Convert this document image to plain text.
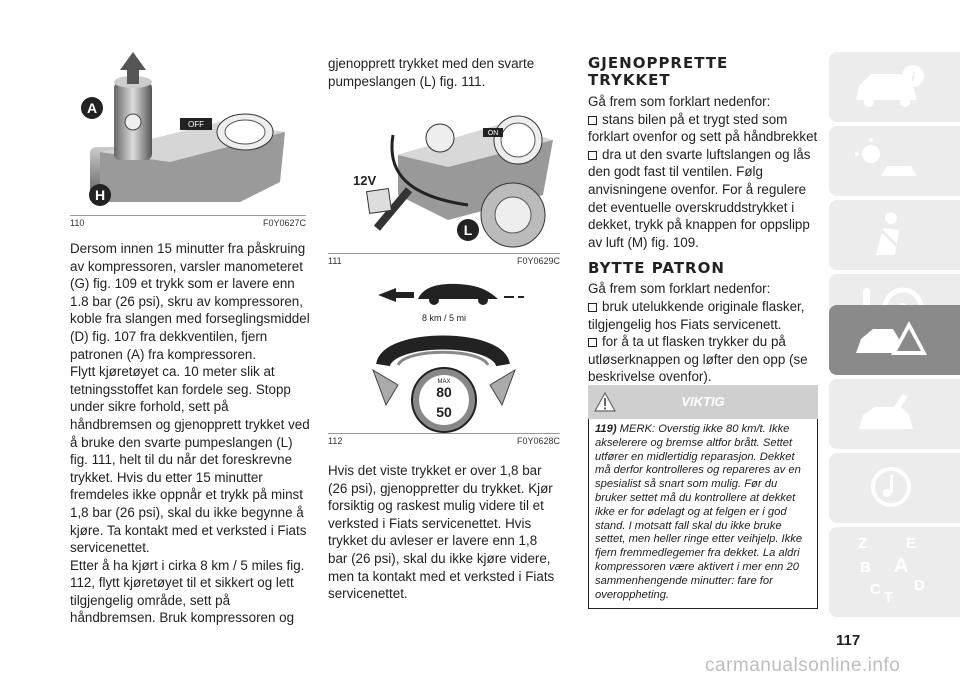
OFF
A
H
110	F0Y0627C

Dersom innen 15 minutter fra påskruing av kompressoren, varsler manometeret (G) fig. 109 et trykk som er lavere enn 1.8 bar (26 psi), skru av kompressoren, koble fra slangen med forseglingsmiddel (D) fig. 107 fra dekkventilen, fjern patronen (A) fra kompressoren.

Flytt kjøretøyet ca. 10 meter slik at tetningsstoffet kan fordele seg. Stopp under sikre forhold, sett på håndbremsen og gjenopprett trykket ved å bruke den svarte pumpeslangen (L) fig. 111, helt til du når det foreskrevne trykket. Hvis du etter 15 minutter fremdeles ikke oppnår et trykk på minst 1,8 bar (26 psi), skal du ikke begynne å kjøre. Ta kontakt med et verksted i Fiats servicenettet.

Etter å ha kjørt i cirka 8 km / 5 miles fig. 112, flytt kjøretøyet til et sikkert og lett tilgjengelig område, sett på håndbremsen. Bruk kompressoren og

gjenopprett trykket med den svarte pumpeslangen (L) fig. 111.

ON
12V
L
111	F0Y0629C
8 km / 5 mi
MAX
80
50
112	F0Y0628C

Hvis det viste trykket er over 1,8 bar (26 psi), gjenoppretter du trykket. Kjør forsiktig og raskest mulig videre til et verksted i Fiats servicenettet. Hvis trykket du avleser er lavere enn 1,8 bar (26 psi), skal du ikke kjøre videre, men ta kontakt med et verksted i Fiats servicenettet.

GJENOPPRETTE TRYKKET

Gå frem som forklart nedenfor:

stans bilen på et trygt sted som forklart ovenfor og sett på håndbrekket

dra ut den svarte luftslangen og lås den godt fast til ventilen. Følg anvisningene ovenfor. For å regulere det eventuelle overskruddstrykket i dekket, trykk på knappen for oppslipp av luft (M) fig. 109.

BYTTE PATRON

Gå frem som forklart nedenfor:

bruk utelukkende originale flasker, tilgjengelig hos Fiats servicenett.

for å ta ut flasken trykker du på utløserknappen og løfter den opp (se beskrivelse ovenfor).

VIKTIG
119) MERK: Overstig ikke 80 km/t. Ikke akselerere og bremse altfor brått. Settet utfører en midlertidig reparasjon. Dekket må derfor kontrolleres og repareres av en spesialist så snart som mulig. Før du bruker settet må du kontrollere at dekket ikke er for ødelagt og at felgen er i god stand. I motsatt fall skal du ikke bruke settet, men heller ringe etter veihjelp. Ikke fjern fremmedlegemer fra dekket. La aldri kompressoren være aktivert i mer enn 20 sammenhengende minutter: fare for overoppheting.
i
Z	E
B A
C T
D
117
carmanualsonline.info
